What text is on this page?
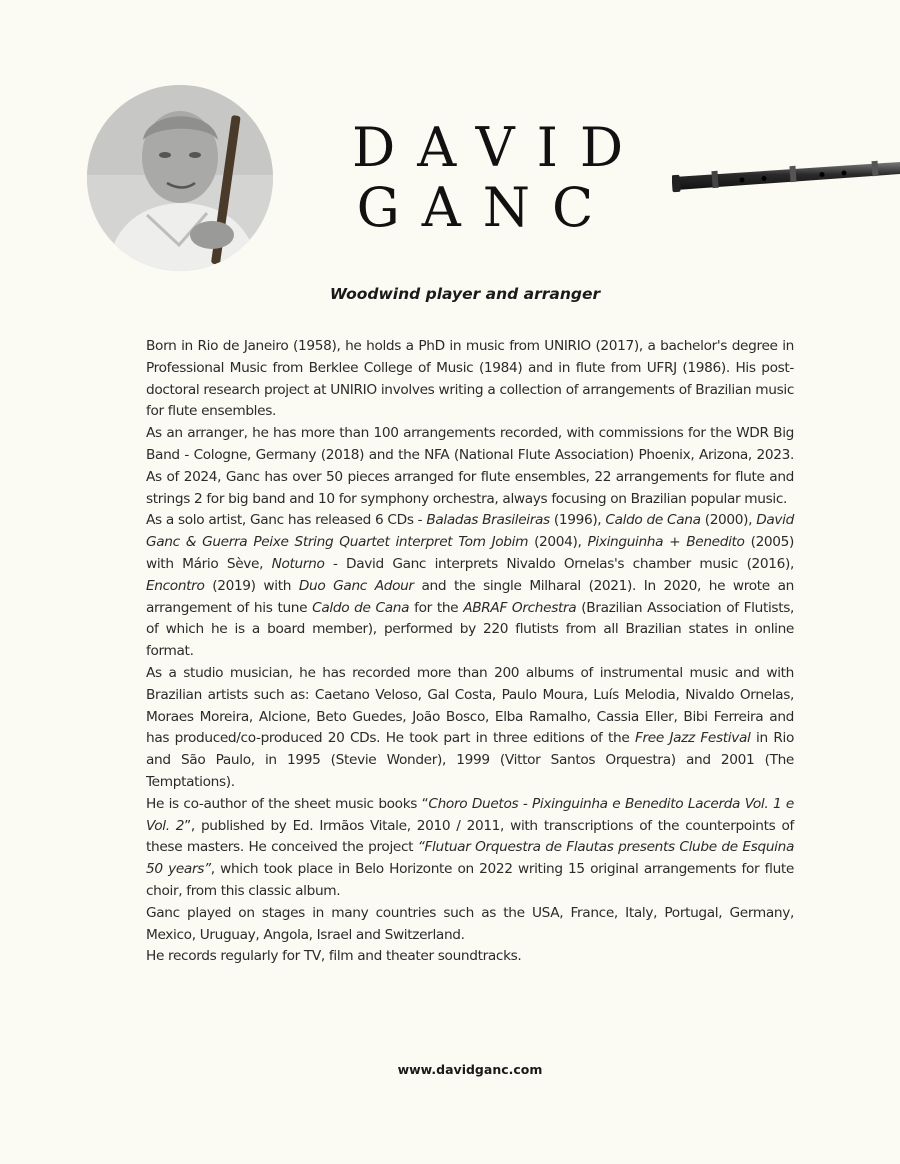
DAVID
GANC
Woodwind player and arranger

Born in Rio de Janeiro (1958), he holds a PhD in music from UNIRIO (2017), a bachelor's degree in Professional Music from Berklee College of Music (1984) and in flute from UFRJ (1986). His post-doctoral research project at UNIRIO involves writing a collection of arrangements of Brazilian music for flute ensembles.

As an arranger, he has more than 100 arrangements recorded, with commissions for the WDR Big Band - Cologne, Germany (2018) and the NFA (National Flute Association) Phoenix, Arizona, 2023. As of 2024, Ganc has over 50 pieces arranged for flute ensembles, 22 arrangements for flute and strings 2 for big band and 10 for symphony orchestra, always focusing on Brazilian popular music.

As a solo artist, Ganc has released 6 CDs - Baladas Brasileiras (1996), Caldo de Cana (2000), David Ganc & Guerra Peixe String Quartet interpret Tom Jobim (2004), Pixinguinha + Benedito (2005) with Mário Sève, Noturno - David Ganc interprets Nivaldo Ornelas's chamber music (2016), Encontro (2019) with Duo Ganc Adour and the single Milharal (2021). In 2020, he wrote an arrangement of his tune Caldo de Cana for the ABRAF Orchestra (Brazilian Association of Flutists, of which he is a board member), performed by 220 flutists from all Brazilian states in online format.

As a studio musician, he has recorded more than 200 albums of instrumental music and with Brazilian artists such as: Caetano Veloso, Gal Costa, Paulo Moura, Luís Melodia, Nivaldo Ornelas, Moraes Moreira, Alcione, Beto Guedes, João Bosco, Elba Ramalho, Cassia Eller, Bibi Ferreira and has produced/co-produced 20 CDs. He took part in three editions of the Free Jazz Festival in Rio and São Paulo, in 1995 (Stevie Wonder), 1999 (Vittor Santos Orquestra) and 2001 (The Temptations).

He is co-author of the sheet music books “Choro Duetos - Pixinguinha e Benedito Lacerda Vol. 1 e Vol. 2”, published by Ed. Irmãos Vitale, 2010 / 2011, with transcriptions of the counterpoints of these masters. He conceived the project “Flutuar Orquestra de Flautas presents Clube de Esquina 50 years”, which took place in Belo Horizonte on 2022 writing 15 original arrangements for flute choir, from this classic album.

Ganc played on stages in many countries such as the USA, France, Italy, Portugal, Germany, Mexico, Uruguay, Angola, Israel and Switzerland.

He records regularly for TV, film and theater soundtracks.

www.davidganc.com
